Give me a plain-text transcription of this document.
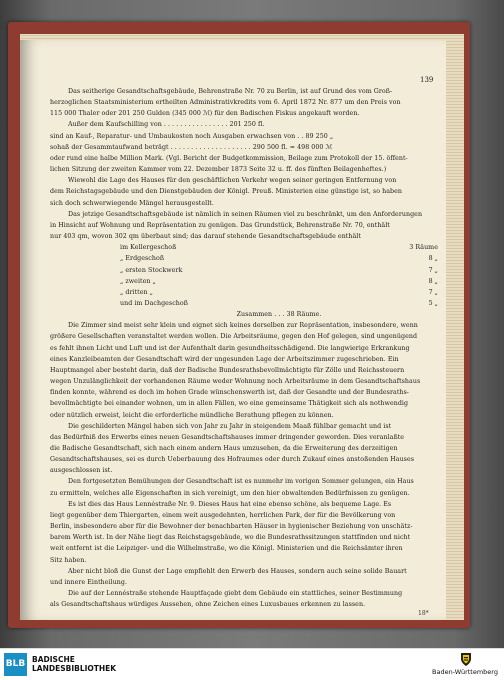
139

Das seitherige Gesandtschaftsgebäude, Behrenstraße Nr. 70 zu Berlin, ist auf Grund des vom Groß-

herzoglichen Staatsministerium ertheilten Administrativkredits vom 6. April 1872 Nr. 877 um den Preis von

115 000 Thaler oder 201 250 Gulden (345 000 ℳ) für den Badischen Fiskus angekauft worden.

Außer dem Kaufschilling von . . . . . . . . . . . . . . . . 201 250 fl.

sind an Kauf-, Reparatur- und Umbaukosten noch Ausgaben erwachsen von . . 89 250 „

sohaß der Gesammtaufwand beträgt . . . . . . . . . . . . . . . . . . . . 290 500 fl. = 498 000 ℳ

oder rund eine halbe Million Mark. (Vgl. Bericht der Budgetkommission, Beilage zum Protokoll der 15. öffent-

lichen Sitzung der zweiten Kammer vom 22. Dezember 1873 Seite 32 u. ff. des fünften Beilagenheftes.)

Wiewohl die Lage des Hauses für den geschäftlichen Verkehr wegen seiner geringen Entfernung von

dem Reichstagsgebäude und den Dienstgebäuden der Königl. Preuß. Ministerien eine günstige ist, so haben

sich doch schwerwiegende Mängel herausgestellt.

Das jetzige Gesandtschaftsgebäude ist nämlich in seinen Räumen viel zu beschränkt, um den Anforderungen

in Hinsicht auf Wohnung und Repräsentation zu genügen. Das Grundstück, Behrenstraße Nr. 70, enthält

nur 403 qm, wovon 302 qm überbaut sind; das darauf stehende Gesandtschaftsgebäude enthält

im Kellergeschoß	3 Räume
„ Erdgeschoß	8 „
„ ersten Stockwerk	7 „
„ zweiten „	8 „
„ dritten „	7 „
und im Dachgeschoß	5 „
Zusammen . . . 38 Räume.

Die Zimmer sind meist sehr klein und eignet sich keines derselben zur Repräsentation, insbesondere, wenn

größere Gesellschaften veranstaltet werden wollen. Die Arbeitsräume, gegen den Hof gelegen, sind ungenügend

es fehlt ihnen Licht und Luft und ist der Aufenthalt darin gesundheitsschädigend. Die langwierige Erkrankung

eines Kanzleibeamten der Gesandtschaft wird der ungesunden Lage der Arbeitszimmer zugeschrieben. Ein

Hauptmangel aber besteht darin, daß der Badische Bundesrathsbevollmächtigte für Zölle und Reichssteuern

wegen Unzulänglichkeit der vorhandenen Räume weder Wohnung noch Arbeitsräume in dem Gesandtschaftshaus

finden konnte, während es doch im hohen Grade wünschenswerth ist, daß der Gesandte und der Bundesraths-

bevollmächtigte bei einander wohnen, um in allen Fällen, wo eine gemeinsame Thätigkeit sich als nothwendig

oder nützlich erweist, leicht die erforderliche mündliche Berathung pflegen zu können.

Die geschilderten Mängel haben sich von Jahr zu Jahr in steigendem Maaß fühlbar gemacht und ist

das Bedürfniß des Erwerbs eines neuen Gesandtschaftshauses immer dringender geworden. Dies veranlaßte

die Badische Gesandtschaft, sich nach einem andern Haus umzusehen, da die Erweiterung des derzeitigen

Gesandtschaftshauses, sei es durch Ueberbauung des Hofraumes oder durch Zukauf eines anstoßenden Hauses

ausgeschlossen ist.

Den fortgesetzten Bemühungen der Gesandtschaft ist es nunmehr im vorigen Sommer gelungen, ein Haus

zu ermitteln, welches alle Eigenschaften in sich vereinigt, um den hier obwaltenden Bedürfnissen zu genügen.

Es ist dies das Haus Lennéstraße Nr. 9. Dieses Haus hat eine ebenso schöne, als bequeme Lage. Es

liegt gegenüber dem Thiergarten, einem weit ausgedehnten, herrlichen Park, der für die Bevölkerung von

Berlin, insbesondere aber für die Bewohner der benachbarten Häuser in hygienischer Beziehung von unschätz-

barem Werth ist. In der Nähe liegt das Reichstagsgebäude, wo die Bundesrathssitzungen stattfinden und nicht

weit entfernt ist die Leipziger- und die Wilhelmstraße, wo die Königl. Ministerien und die Reichsämter ihren

Sitz haben.

Aber nicht bloß die Gunst der Lage empfiehlt den Erwerb des Hauses, sondern auch seine solide Bauart

und innere Eintheilung.

Die auf der Lennéstraße stehende Hauptfaçade giebt dem Gebäude ein stattliches, seiner Bestimmung

als Gesandtschaftshaus würdiges Aussehen, ohne Zeichen eines Luxusbaues erkennen zu lassen.

18*
BLB BADISCHE
LANDESBIBLIOTHEK	Baden-Württemberg
